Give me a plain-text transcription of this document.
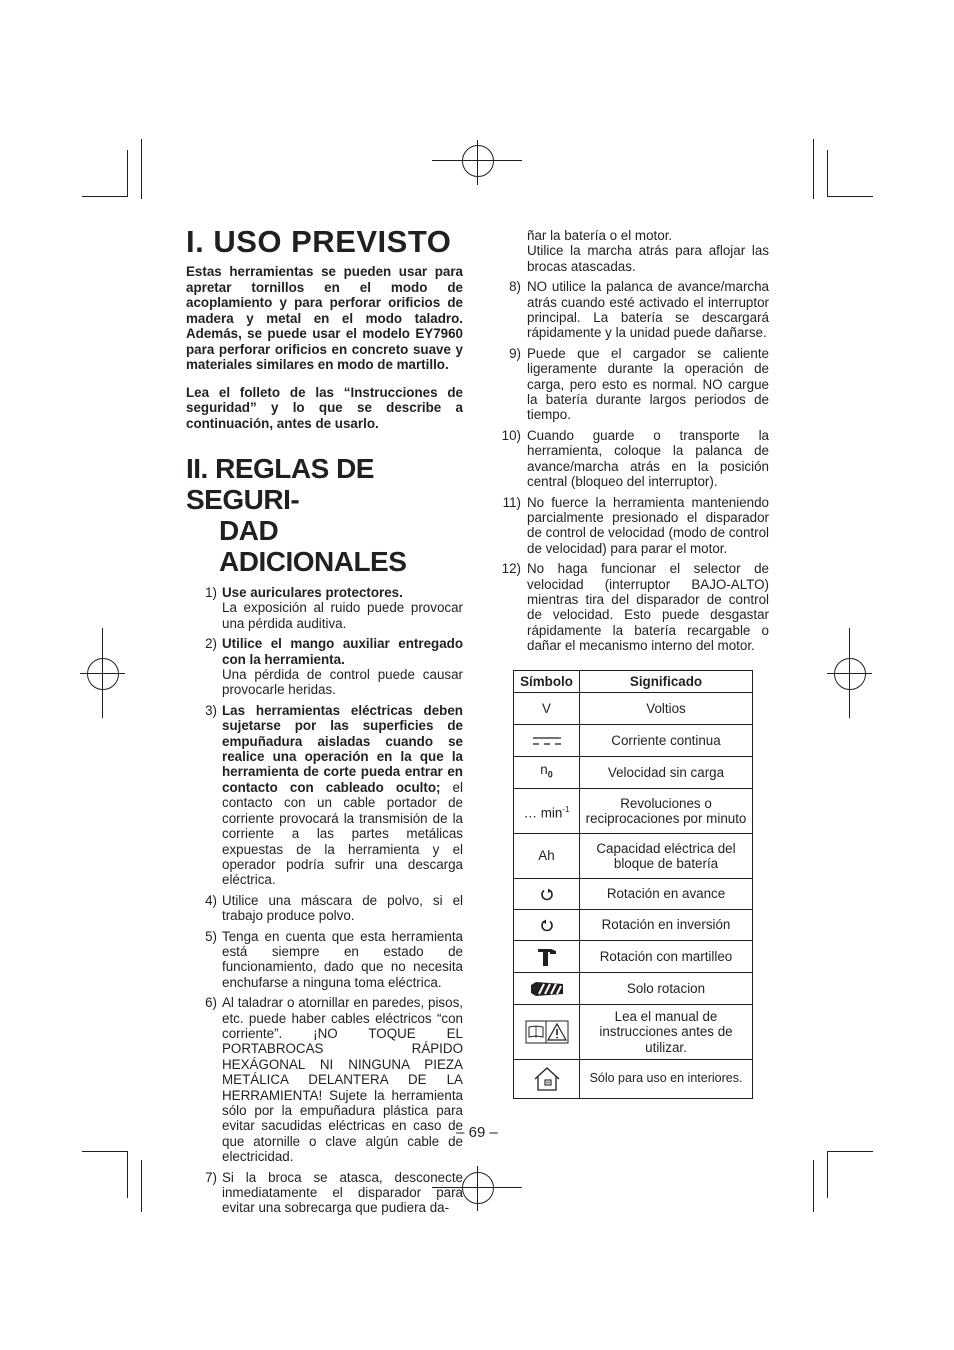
I. USO PREVISTO

Estas herramientas se pueden usar para apretar tornillos en el modo de acoplamiento y para perforar orificios de madera y metal en el modo taladro. Además, se puede usar el modelo EY7960 para perforar orificios en concreto suave y materiales similares en modo de martillo.

Lea el folleto de las “Instrucciones de seguridad” y lo que se describe a continuación, antes de usarlo.

II. REGLAS DE SEGURI-
DAD ADICIONALES
1) Use auriculares protectores.
La exposición al ruido puede provocar una pérdida auditiva.
2) Utilice el mango auxiliar entregado con la herramienta.
Una pérdida de control puede causar provocarle heridas.
3) Las herramientas eléctricas deben sujetarse por las superficies de empuñadura aisladas cuando se realice una operación en la que la herramienta de corte pueda entrar en contacto con cableado oculto; el contacto con un cable portador de corriente provocará la transmisión de la corriente a las partes metálicas expuestas de la herramienta y el operador podría sufrir una descarga eléctrica.
4) Utilice una máscara de polvo, si el trabajo produce polvo.
5) Tenga en cuenta que esta herramienta está siempre en estado de funcionamiento, dado que no necesita enchufarse a ninguna toma eléctrica.
6) Al taladrar o atornillar en paredes, pisos, etc. puede haber cables eléctricos “con corriente”. ¡NO TOQUE EL PORTABROCAS RÁPIDO HEXÁGONAL NI NINGUNA PIEZA METÁLICA DELANTERA DE LA HERRAMIENTA! Sujete la herramienta sólo por la empuñadura plástica para evitar sacudidas eléctricas en caso de que atornille o clave algún cable de electricidad.
7) Si la broca se atasca, desconecte inmediatamente el disparador para evitar una sobrecarga que pudiera da-
ñar la batería o el motor.
Utilice la marcha atrás para aflojar las brocas atascadas.
8) NO utilice la palanca de avance/marcha atrás cuando esté activado el interruptor principal. La batería se descargará rápidamente y la unidad puede dañarse.
9) Puede que el cargador se caliente ligeramente durante la operación de carga, pero esto es normal. NO cargue la batería durante largos periodos de tiempo.
10) Cuando guarde o transporte la herramienta, coloque la palanca de avance/marcha atrás en la posición central (bloqueo del interruptor).
11) No fuerce la herramienta manteniendo parcialmente presionado el disparador de control de velocidad (modo de control de velocidad) para parar el motor.
12) No haga funcionar el selector de velocidad (interruptor BAJO-ALTO) mientras tira del disparador de control de velocidad. Esto puede desgastar rápidamente la batería recargable o dañar el mecanismo interno del motor.
Símbolo	Significado
V	Voltios
	Corriente continua
$n_0$	Velocidad sin carga
… $\min^{-1}$	Revoluciones o reciprocaciones por minuto
Ah	Capacidad eléctrica del bloque de batería
	Rotación en avance
	Rotación en inversión
	Rotación con martilleo
	Solo rotacion
	Lea el manual de instrucciones antes de utilizar.
	Sólo para uso en interiores.
– 69 –
